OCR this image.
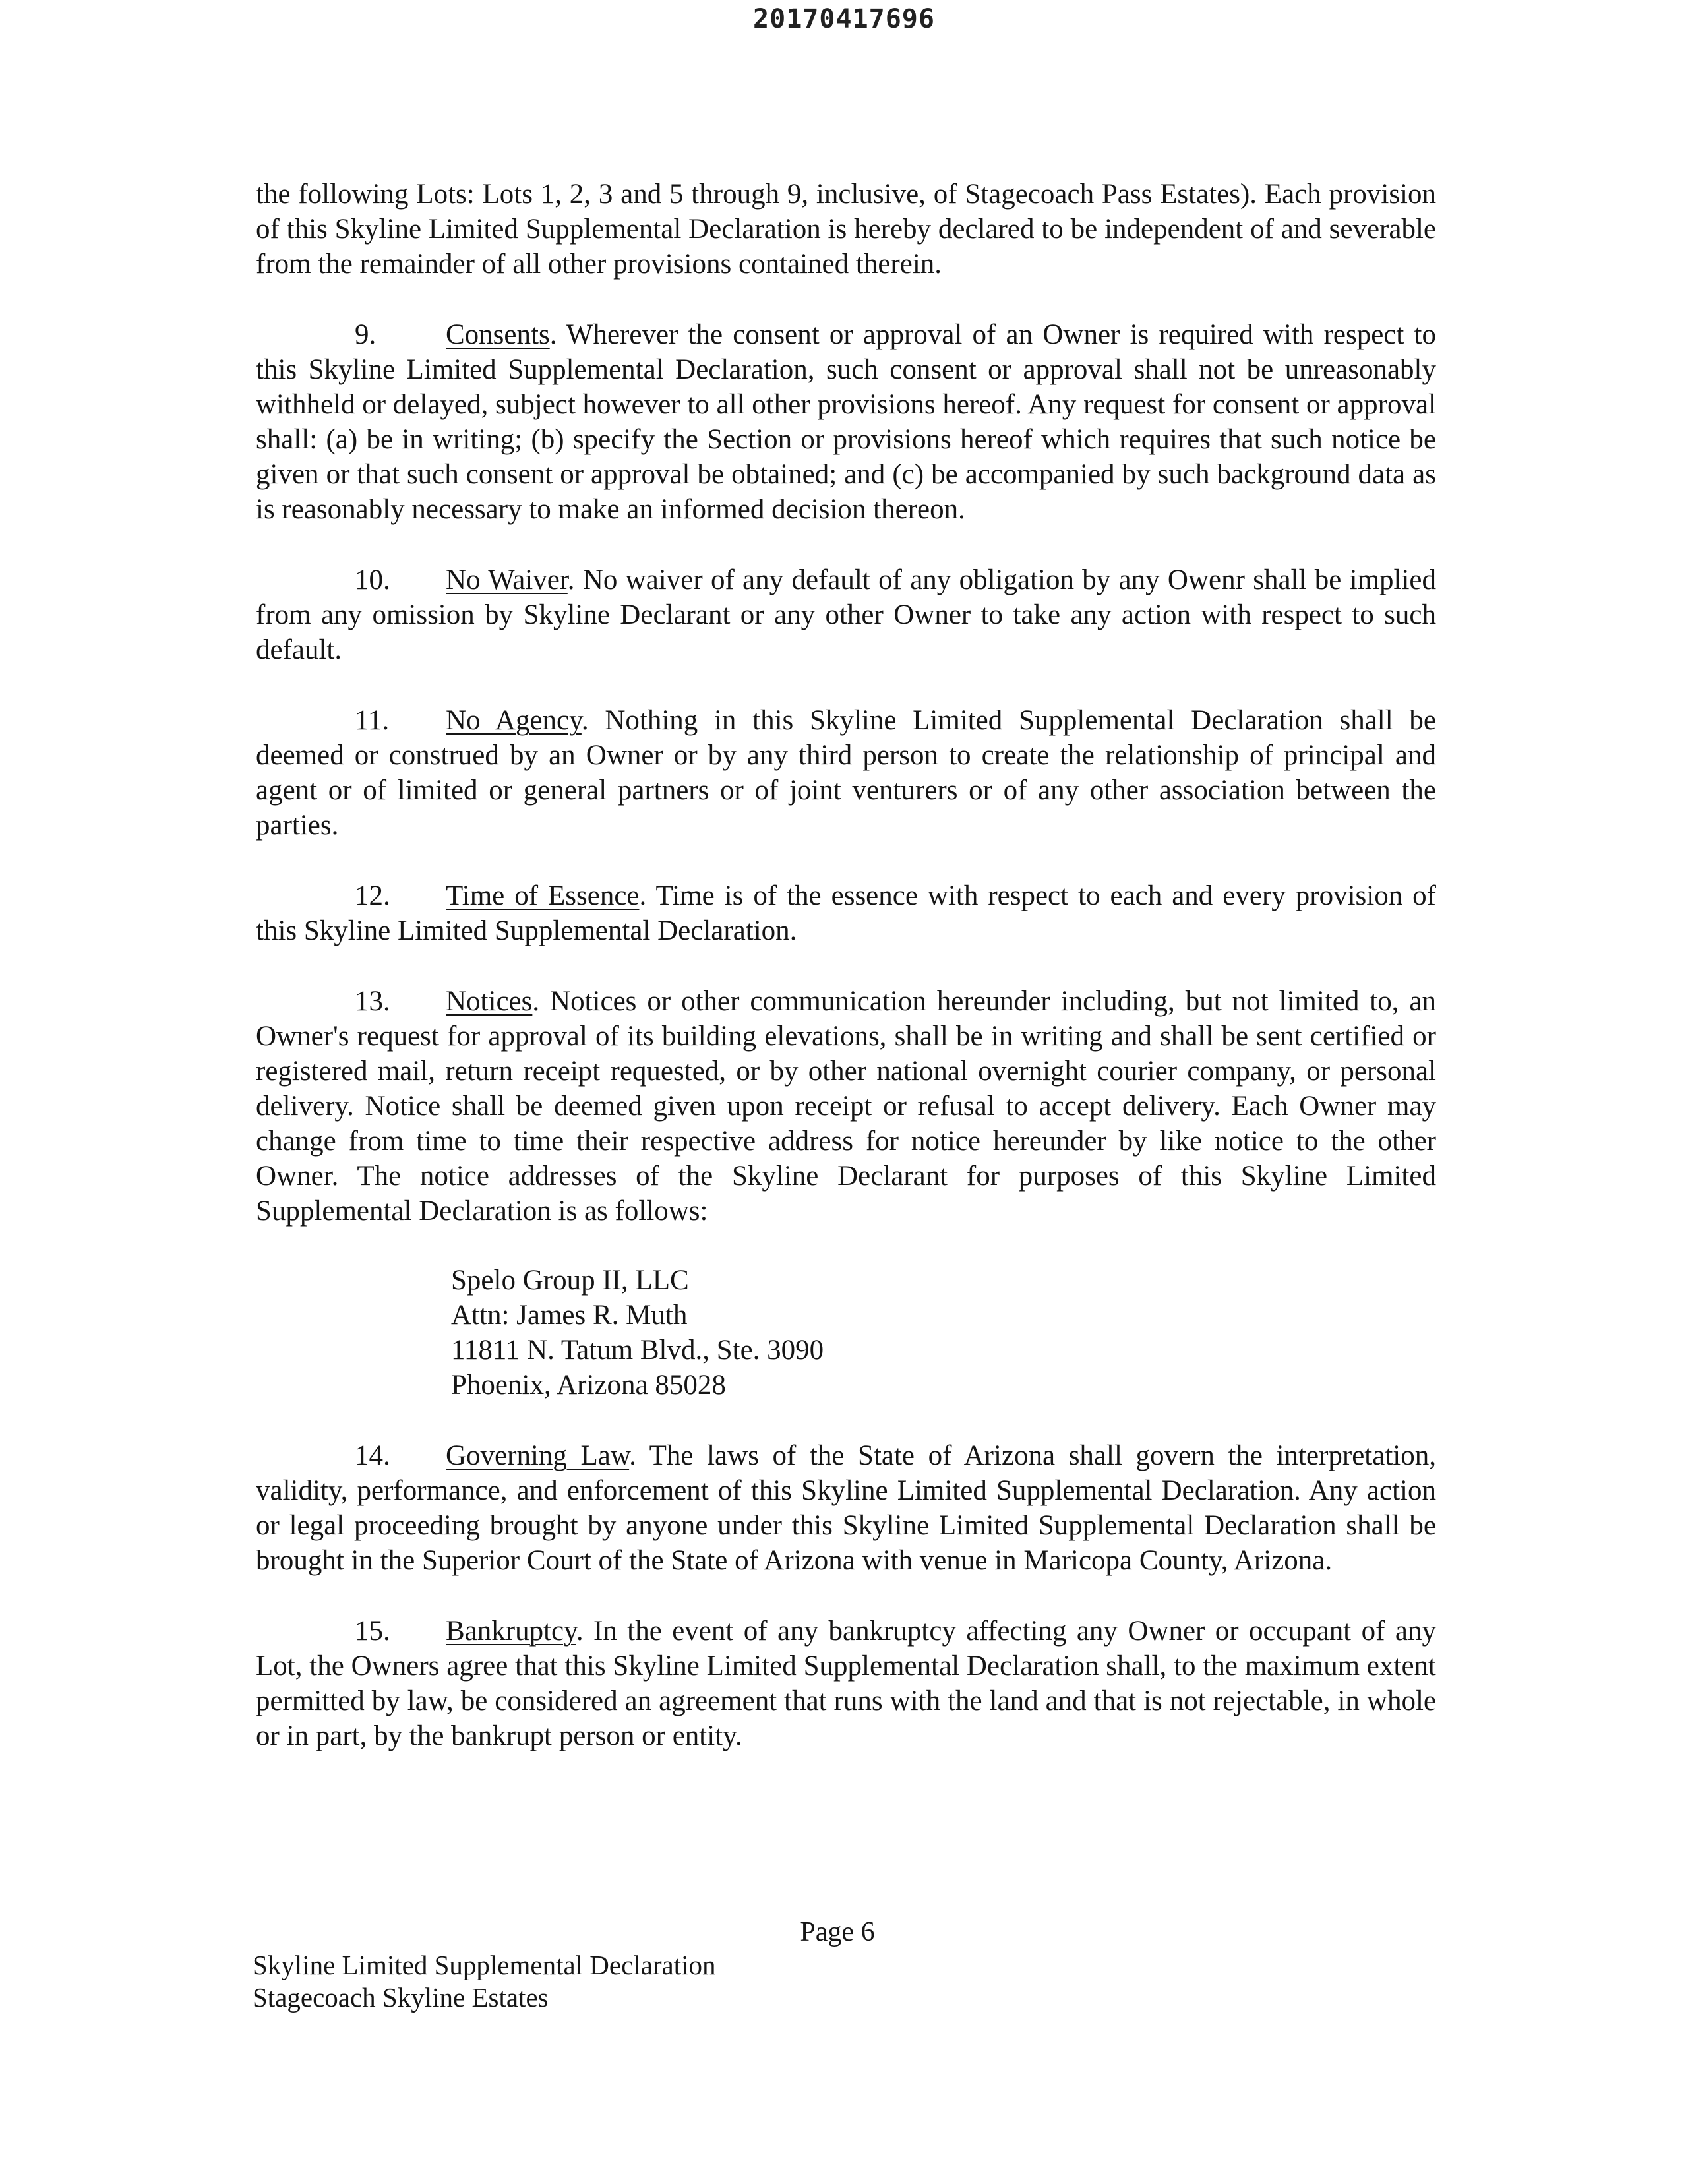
20170417696

the following Lots: Lots 1, 2, 3 and 5 through 9, inclusive, of Stagecoach Pass Estates). Each provision of this Skyline Limited Supplemental Declaration is hereby declared to be independent of and severable from the remainder of all other provisions contained therein.

9. Consents. Wherever the consent or approval of an Owner is required with respect to this Skyline Limited Supplemental Declaration, such consent or approval shall not be unreasonably withheld or delayed, subject however to all other provisions hereof. Any request for consent or approval shall: (a) be in writing; (b) specify the Section or provisions hereof which requires that such notice be given or that such consent or approval be obtained; and (c) be accompanied by such background data as is reasonably necessary to make an informed decision thereon.

10. No Waiver. No waiver of any default of any obligation by any Owenr shall be implied from any omission by Skyline Declarant or any other Owner to take any action with respect to such default.

11. No Agency. Nothing in this Skyline Limited Supplemental Declaration shall be deemed or construed by an Owner or by any third person to create the relationship of principal and agent or of limited or general partners or of joint venturers or of any other association between the parties.

12. Time of Essence. Time is of the essence with respect to each and every provision of this Skyline Limited Supplemental Declaration.

13. Notices. Notices or other communication hereunder including, but not limited to, an Owner's request for approval of its building elevations, shall be in writing and shall be sent certified or registered mail, return receipt requested, or by other national overnight courier company, or personal delivery. Notice shall be deemed given upon receipt or refusal to accept delivery. Each Owner may change from time to time their respective address for notice hereunder by like notice to the other Owner. The notice addresses of the Skyline Declarant for purposes of this Skyline Limited Supplemental Declaration is as follows:

Spelo Group II, LLC
Attn: James R. Muth
11811 N. Tatum Blvd., Ste. 3090
Phoenix, Arizona 85028

14. Governing Law. The laws of the State of Arizona shall govern the interpretation, validity, performance, and enforcement of this Skyline Limited Supplemental Declaration. Any action or legal proceeding brought by anyone under this Skyline Limited Supplemental Declaration shall be brought in the Superior Court of the State of Arizona with venue in Maricopa County, Arizona.

15. Bankruptcy. In the event of any bankruptcy affecting any Owner or occupant of any Lot, the Owners agree that this Skyline Limited Supplemental Declaration shall, to the maximum extent permitted by law, be considered an agreement that runs with the land and that is not rejectable, in whole or in part, by the bankrupt person or entity.

Page 6
Skyline Limited Supplemental Declaration
Stagecoach Skyline Estates
